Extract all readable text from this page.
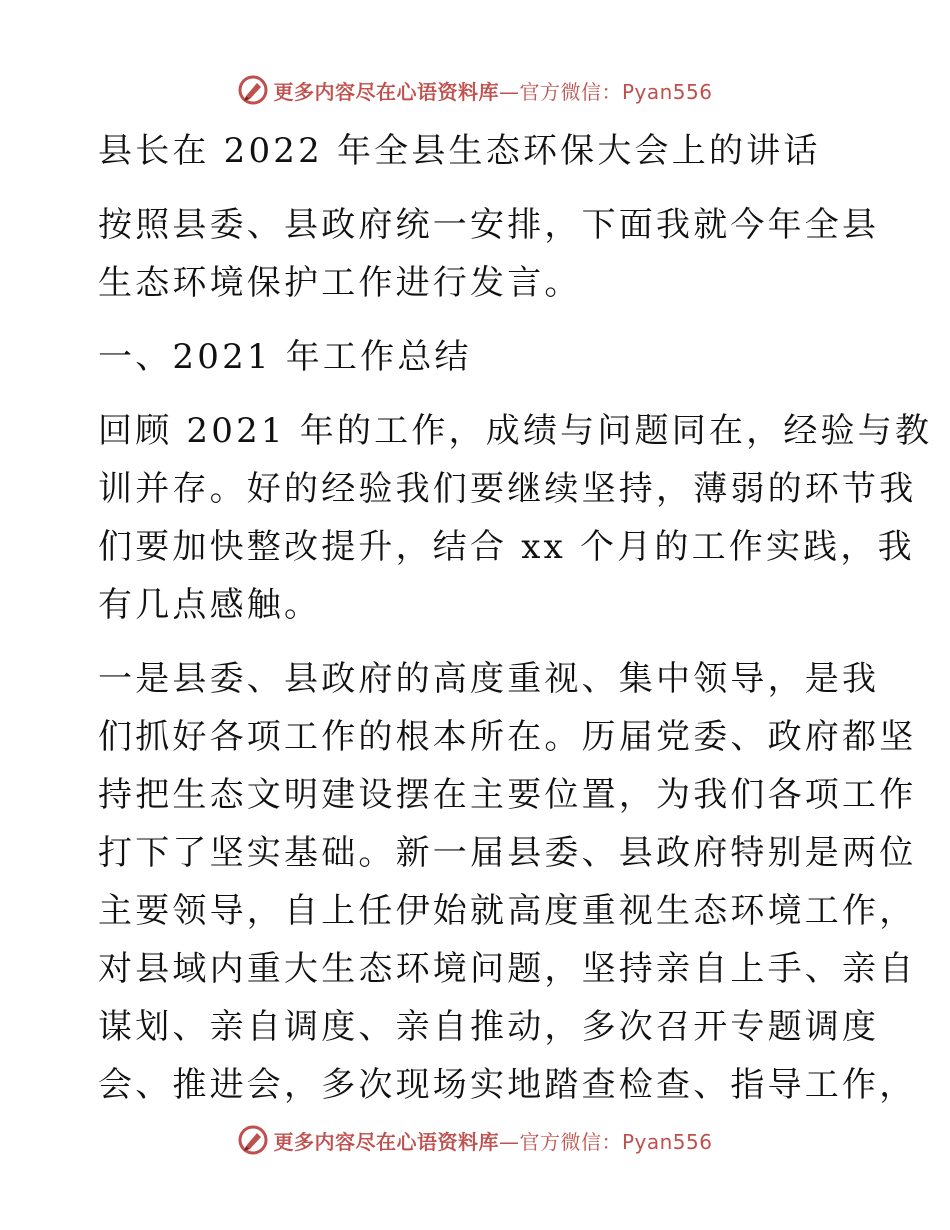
更多内容尽在心语资料库 —官方微信：Pyan556
县长在 2022 年全县生态环保大会上的讲话
按照县委、县政府统一安排，下面我就今年全县
生态环境保护工作进行发言。
一、2021 年工作总结
回顾 2021 年的工作，成绩与问题同在，经验与教
训并存。好的经验我们要继续坚持，薄弱的环节我
们要加快整改提升，结合 xx 个月的工作实践，我
有几点感触。
一是县委、县政府的高度重视、集中领导，是我
们抓好各项工作的根本所在。历届党委、政府都坚
持把生态文明建设摆在主要位置，为我们各项工作
打下了坚实基础。新一届县委、县政府特别是两位
主要领导，自上任伊始就高度重视生态环境工作，
对县域内重大生态环境问题，坚持亲自上手、亲自
谋划、亲自调度、亲自推动，多次召开专题调度
会、推进会，多次现场实地踏查检查、指导工作，
更多内容尽在心语资料库 —官方微信：Pyan556
